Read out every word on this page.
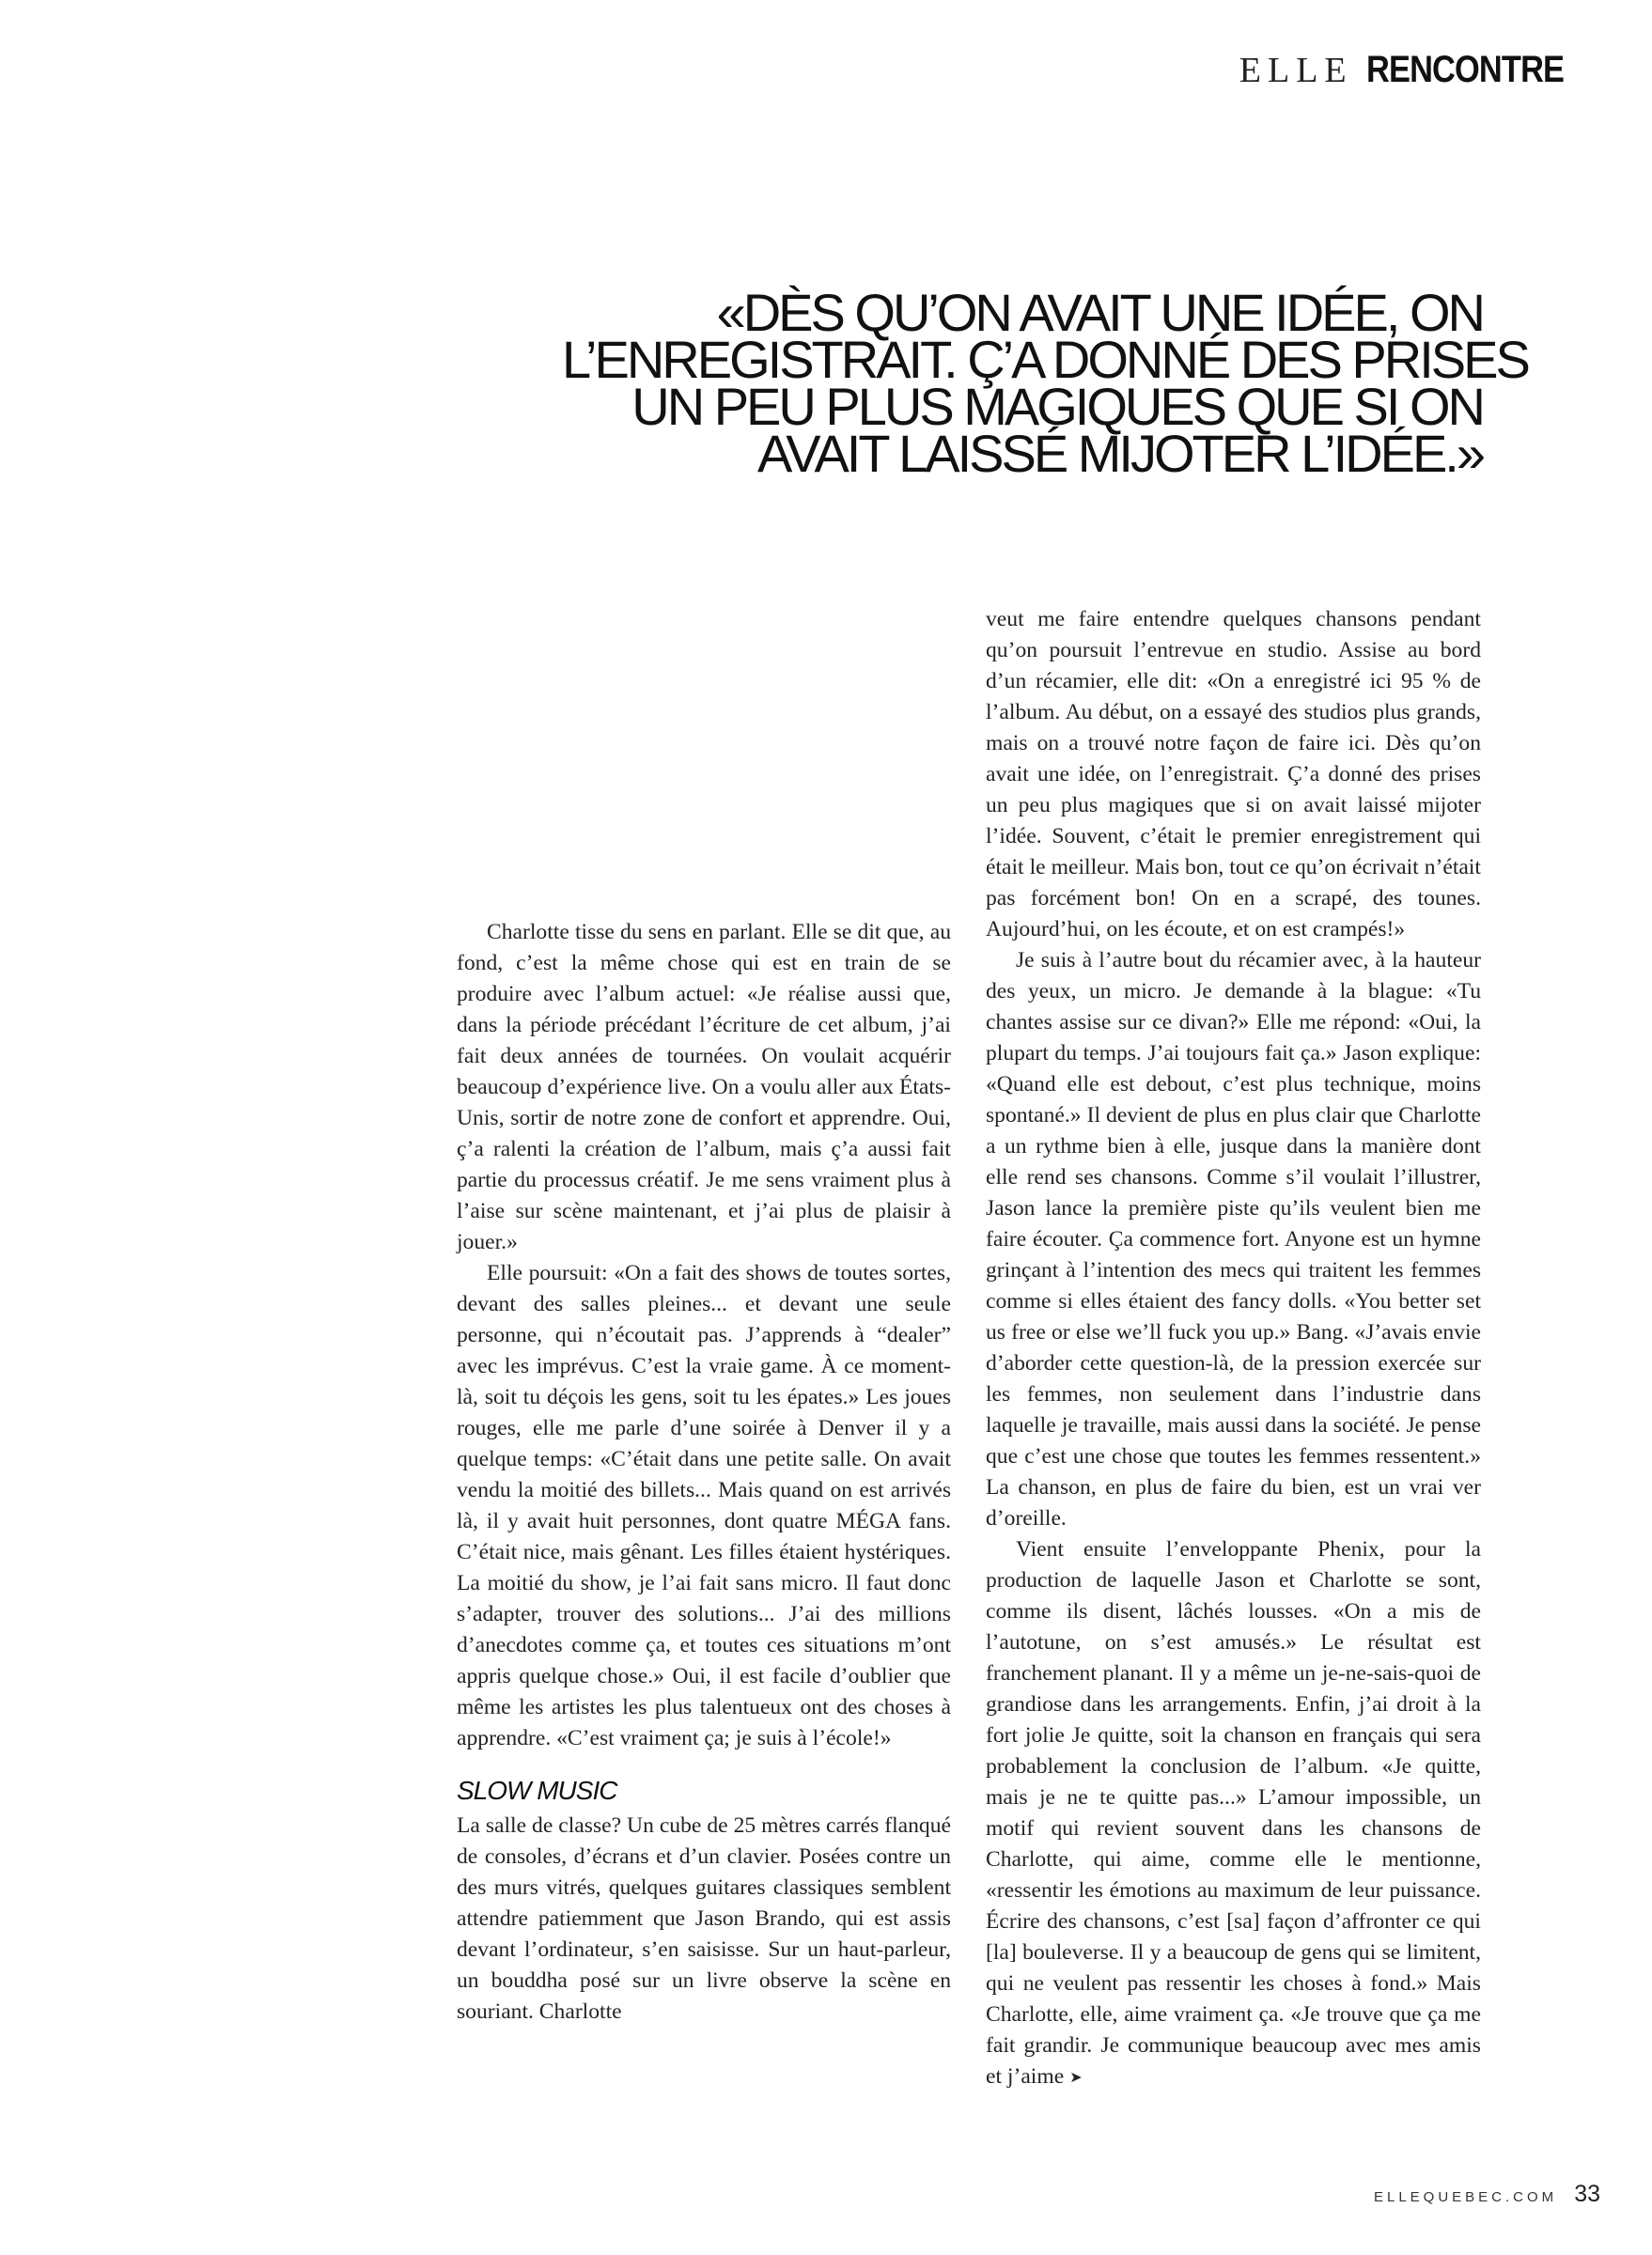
ELLE RENCONTRE
«DÈS QU’ON AVAIT UNE IDÉE, ON
L’ENREGISTRAIT. Ç’A DONNÉ DES PRISES
UN PEU PLUS MAGIQUES QUE SI ON
AVAIT LAISSÉ MIJOTER L’IDÉE.»

Charlotte tisse du sens en parlant. Elle se dit que, au fond, c’est la même chose qui est en train de se produire avec l’album actuel: «Je réalise aussi que, dans la période précédant l’écriture de cet album, j’ai fait deux années de tournées. On voulait acquérir beaucoup d’expérience live. On a voulu aller aux États-Unis, sortir de notre zone de confort et apprendre. Oui, ç’a ralenti la création de l’album, mais ç’a aussi fait partie du processus créatif. Je me sens vraiment plus à l’aise sur scène maintenant, et j’ai plus de plaisir à jouer.»

Elle poursuit: «On a fait des shows de toutes sortes, devant des salles pleines... et devant une seule personne, qui n’écoutait pas. J’apprends à “dealer” avec les imprévus. C’est la vraie game. À ce moment-là, soit tu déçois les gens, soit tu les épates.» Les joues rouges, elle me parle d’une soirée à Denver il y a quelque temps: «C’était dans une petite salle. On avait vendu la moitié des billets... Mais quand on est arrivés là, il y avait huit personnes, dont quatre MÉGA fans. C’était nice, mais gênant. Les filles étaient hystériques. La moitié du show, je l’ai fait sans micro. Il faut donc s’adapter, trouver des solutions... J’ai des millions d’anecdotes comme ça, et toutes ces situations m’ont appris quelque chose.» Oui, il est facile d’oublier que même les artistes les plus talentueux ont des choses à apprendre. «C’est vraiment ça; je suis à l’école!»

SLOW MUSIC

La salle de classe? Un cube de 25 mètres carrés flanqué de consoles, d’écrans et d’un clavier. Posées contre un des murs vitrés, quelques guitares classiques semblent attendre patiemment que Jason Brando, qui est assis devant l’ordinateur, s’en saisisse. Sur un haut-parleur, un bouddha posé sur un livre observe la scène en souriant. Charlotte

veut me faire entendre quelques chansons pendant qu’on poursuit l’entrevue en studio. Assise au bord d’un récamier, elle dit: «On a enregistré ici 95 % de l’album. Au début, on a essayé des studios plus grands, mais on a trouvé notre façon de faire ici. Dès qu’on avait une idée, on l’enregistrait. Ç’a donné des prises un peu plus magiques que si on avait laissé mijoter l’idée. Souvent, c’était le premier enregistrement qui était le meilleur. Mais bon, tout ce qu’on écrivait n’était pas forcément bon! On en a scrapé, des tounes. Aujourd’hui, on les écoute, et on est crampés!»

Je suis à l’autre bout du récamier avec, à la hauteur des yeux, un micro. Je demande à la blague: «Tu chantes assise sur ce divan?» Elle me répond: «Oui, la plupart du temps. J’ai toujours fait ça.» Jason explique: «Quand elle est debout, c’est plus technique, moins spontané.» Il devient de plus en plus clair que Charlotte a un rythme bien à elle, jusque dans la manière dont elle rend ses chansons. Comme s’il voulait l’illustrer, Jason lance la première piste qu’ils veulent bien me faire écouter. Ça commence fort. Anyone est un hymne grinçant à l’intention des mecs qui traitent les femmes comme si elles étaient des fancy dolls. «You better set us free or else we’ll fuck you up.» Bang. «J’avais envie d’aborder cette question-là, de la pression exercée sur les femmes, non seulement dans l’industrie dans laquelle je travaille, mais aussi dans la société. Je pense que c’est une chose que toutes les femmes ressentent.» La chanson, en plus de faire du bien, est un vrai ver d’oreille.

Vient ensuite l’enveloppante Phenix, pour la production de laquelle Jason et Charlotte se sont, comme ils disent, lâchés lousses. «On a mis de l’autotune, on s’est amusés.» Le résultat est franchement planant. Il y a même un je-ne-sais-quoi de grandiose dans les arrangements. Enfin, j’ai droit à la fort jolie Je quitte, soit la chanson en français qui sera probablement la conclusion de l’album. «Je quitte, mais je ne te quitte pas...» L’amour impossible, un motif qui revient souvent dans les chansons de Charlotte, qui aime, comme elle le mentionne, «ressentir les émotions au maximum de leur puissance. Écrire des chansons, c’est [sa] façon d’affronter ce qui [la] bouleverse. Il y a beaucoup de gens qui se limitent, qui ne veulent pas ressentir les choses à fond.» Mais Charlotte, elle, aime vraiment ça. «Je trouve que ça me fait grandir. Je communique beaucoup avec mes amis et j’aime ➤

ELLEQUEBEC.COM 33
